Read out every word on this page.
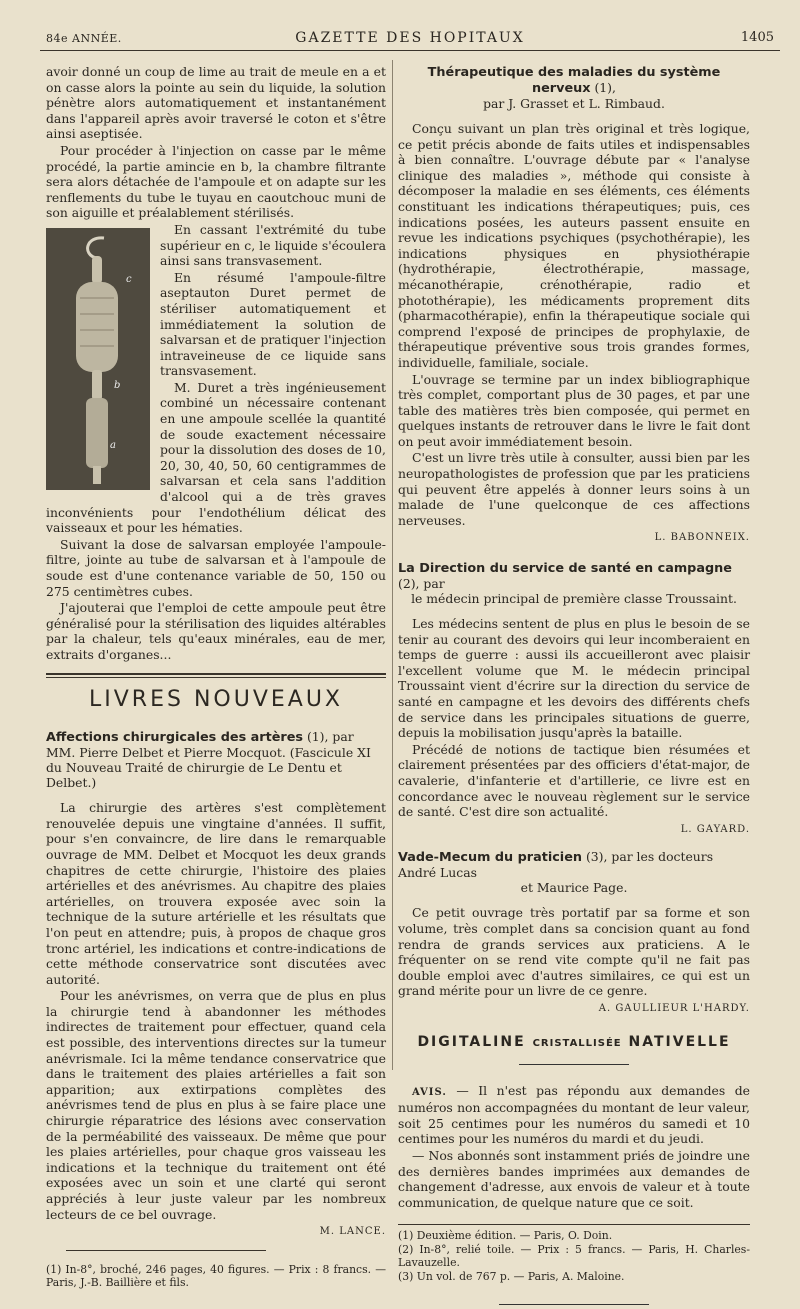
84e ANNÉE.	GAZETTE DES HOPITAUX	1405

avoir donné un coup de lime au trait de meule en a et on casse alors la pointe au sein du liquide, la solution pénètre alors automatiquement et instantanément dans l'appareil après avoir traversé le coton et s'être ainsi aseptisée.

Pour procéder à l'injection on casse par le même procédé, la partie amincie en b, la chambre filtrante sera alors détachée de l'ampoule et on adapte sur les renflements du tube le tuyau en caoutchouc muni de son aiguille et préalablement stérilisés.

c
b
a

En cassant l'extrémité du tube supérieur en c, le liquide s'écoulera ainsi sans transvasement.

En résumé l'ampoule-filtre aseptauton Duret permet de stériliser automatiquement et immédiatement la solution de salvarsan et de pratiquer l'injection intraveineuse de ce liquide sans transvasement.

M. Duret a très ingénieusement combiné un nécessaire contenant en une ampoule scellée la quantité de soude exactement nécessaire pour la dissolution des doses de 10, 20, 30, 40, 50, 60 centigrammes de salvarsan et cela sans l'addition d'alcool qui a de très graves inconvénients pour l'endothélium délicat des vaisseaux et pour les hématies.

Suivant la dose de salvarsan employée l'ampoule-filtre, jointe au tube de salvarsan et à l'ampoule de soude est d'une contenance variable de 50, 150 ou 275 centimètres cubes.

J'ajouterai que l'emploi de cette ampoule peut être généralisé pour la stérilisation des liquides altérables par la chaleur, tels qu'eaux minérales, eau de mer, extraits d'organes...

LIVRES NOUVEAUX
Affections chirurgicales des artères (1), par MM. Pierre Delbet et Pierre Mocquot. (Fascicule XI du Nouveau Traité de chirurgie de Le Dentu et Delbet.)

La chirurgie des artères s'est complètement renouvelée depuis une vingtaine d'années. Il suffit, pour s'en convaincre, de lire dans le remarquable ouvrage de MM. Delbet et Mocquot les deux grands chapitres de cette chirurgie, l'histoire des plaies artérielles et des anévrismes. Au chapitre des plaies artérielles, on trouvera exposée avec soin la technique de la suture artérielle et les résultats que l'on peut en attendre; puis, à propos de chaque gros tronc artériel, les indications et contre-indications de cette méthode conservatrice sont discutées avec autorité.

Pour les anévrismes, on verra que de plus en plus la chirurgie tend à abandonner les méthodes indirectes de traitement pour effectuer, quand cela est possible, des interventions directes sur la tumeur anévrismale. Ici la même tendance conservatrice que dans le traitement des plaies artérielles a fait son apparition; aux extirpations complètes des anévrismes tend de plus en plus à se faire place une chirurgie réparatrice des lésions avec conservation de la perméabilité des vaisseaux. De même que pour les plaies artérielles, pour chaque gros vaisseau les indications et la technique du traitement ont été exposées avec un soin et une clarté qui seront appréciés à leur juste valeur par les nombreux lecteurs de ce bel ouvrage.

M. LANCE.

(1) In-8°, broché, 246 pages, 40 figures. — Prix : 8 francs. — Paris, J.-B. Baillière et fils.

Thérapeutique des maladies du système nerveux (1),
par J. Grasset et L. Rimbaud.

Conçu suivant un plan très original et très logique, ce petit précis abonde de faits utiles et indispensables à bien connaître. L'ouvrage débute par « l'analyse clinique des maladies », méthode qui consiste à décomposer la maladie en ses éléments, ces éléments constituant les indications thérapeutiques; puis, ces indications posées, les auteurs passent ensuite en revue les indications psychiques (psychothérapie), les indications physiques en physiothérapie (hydrothérapie, électrothérapie, massage, mécanothérapie, crénothérapie, radio et photothérapie), les médicaments proprement dits (pharmacothérapie), enfin la thérapeutique sociale qui comprend l'exposé de principes de prophylaxie, de thérapeutique préventive sous trois grandes formes, individuelle, familiale, sociale.

L'ouvrage se termine par un index bibliographique très complet, comportant plus de 30 pages, et par une table des matières très bien composée, qui permet en quelques instants de retrouver dans le livre le fait dont on peut avoir immédiatement besoin.

C'est un livre très utile à consulter, aussi bien par les neuropathologistes de profession que par les praticiens qui peuvent être appelés à donner leurs soins à un malade de l'une quelconque de ces affections nerveuses.

L. BABONNEIX.
La Direction du service de santé en campagne (2), par
le médecin principal de première classe Troussaint.

Les médecins sentent de plus en plus le besoin de se tenir au courant des devoirs qui leur incomberaient en temps de guerre : aussi ils accueilleront avec plaisir l'excellent volume que M. le médecin principal Troussaint vient d'écrire sur la direction du service de santé en campagne et les devoirs des différents chefs de service dans les principales situations de guerre, depuis la mobilisation jusqu'après la bataille.

Précédé de notions de tactique bien résumées et clairement présentées par des officiers d'état-major, de cavalerie, d'infanterie et d'artillerie, ce livre est en concordance avec le nouveau règlement sur le service de santé. C'est dire son actualité.

L. GAYARD.
Vade-Mecum du praticien (3), par les docteurs André Lucas
et Maurice Page.

Ce petit ouvrage très portatif par sa forme et son volume, très complet dans sa concision quant au fond rendra de grands services aux praticiens. A le fréquenter on se rend vite compte qu'il ne fait pas double emploi avec d'autres similaires, ce qui est un grand mérite pour un livre de ce genre.

A. GAULLIEUR L'HARDY.
DIGITALINE CRISTALLISÉE NATIVELLE

AVIS. — Il n'est pas répondu aux demandes de numéros non accompagnées du montant de leur valeur, soit 25 centimes pour les numéros du samedi et 10 centimes pour les numéros du mardi et du jeudi.

— Nos abonnés sont instamment priés de joindre une des dernières bandes imprimées aux demandes de changement d'adresse, aux envois de valeur et à toute communication, de quelque nature que ce soit.

(1) Deuxième édition. — Paris, O. Doin.

(2) In-8°, relié toile. — Prix : 5 francs. — Paris, H. Charles-Lavauzelle.

(3) Un vol. de 767 p. — Paris, A. Maloine.
